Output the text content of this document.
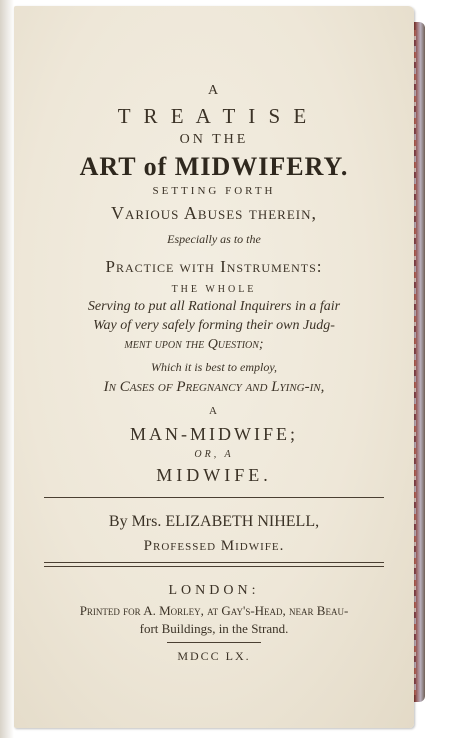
A
T R E A T I S E
ON THE
ART of MIDWIFERY.
SETTING FORTH
Various Abuses therein,
Especially as to the
Practice with Instruments:
THE WHOLE
Serving to put all Rational Inquirers in a fair
Way of very safely forming their own Judg-
ment upon the Question;
Which it is best to employ,
In Cases of Pregnancy and Lying-in,
A
MAN-MIDWIFE;
OR, A
MIDWIFE.
By Mrs. ELIZABETH NIHELL,
Professed Midwife.
LONDON:
Printed for A. Morley, at Gay's-Head, near Beau-
fort Buildings, in the Strand.
MDCC LX.
